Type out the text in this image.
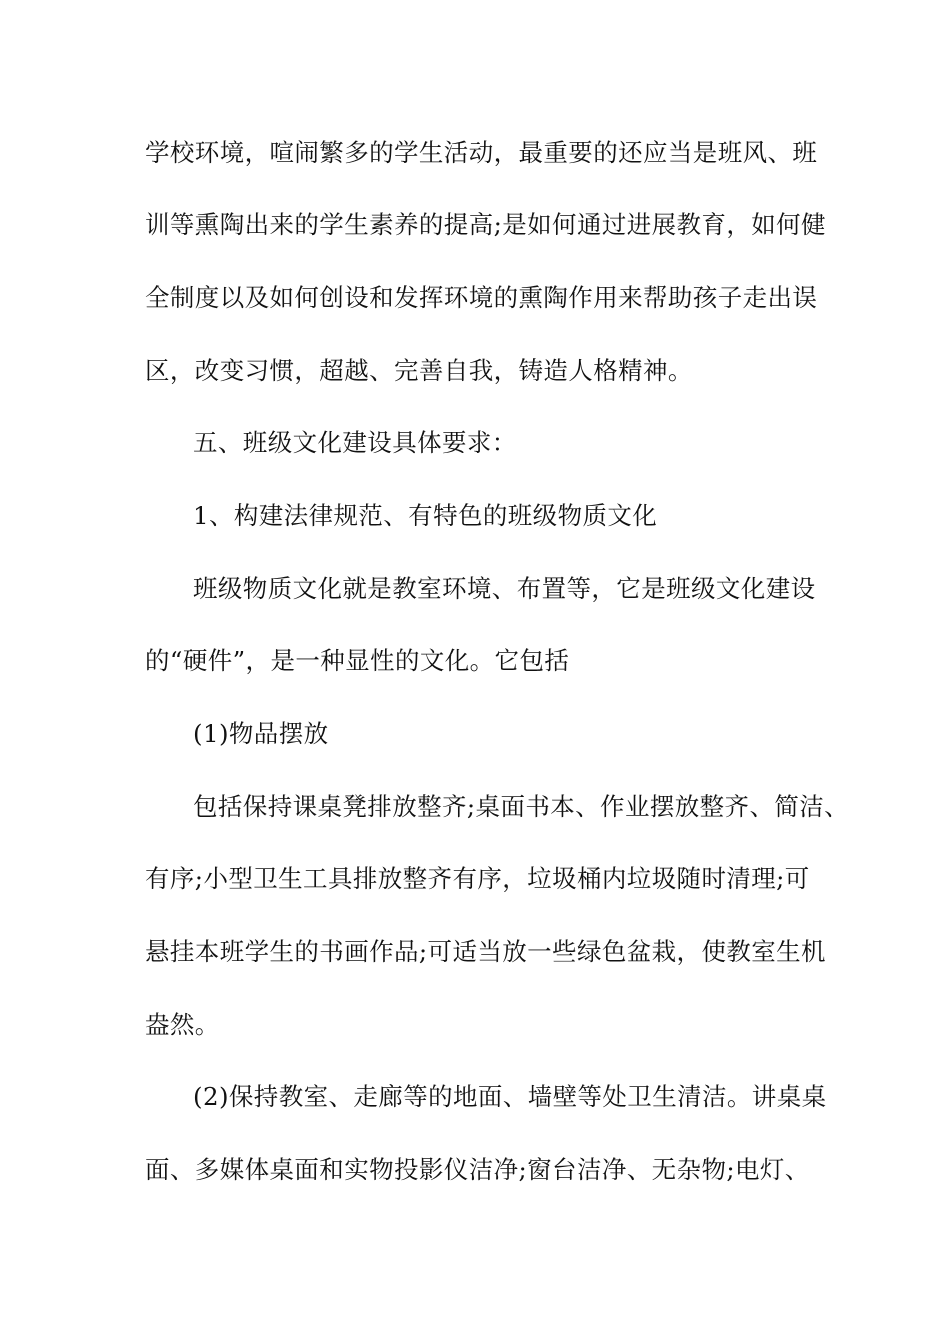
学校环境，喧闹繁多的学生活动，最重要的还应当是班风、班
训等熏陶出来的学生素养的提高;是如何通过进展教育，如何健
全制度以及如何创设和发挥环境的熏陶作用来帮助孩子走出误
区，改变习惯，超越、完善自我，铸造人格精神。
五、班级文化建设具体要求：
1、构建法律规范、有特色的班级物质文化
班级物质文化就是教室环境、布置等，它是班级文化建设
的“硬件”，是一种显性的文化。它包括
(1)物品摆放
包括保持课桌凳排放整齐;桌面书本、作业摆放整齐、简洁、
有序;小型卫生工具排放整齐有序，垃圾桶内垃圾随时清理;可
悬挂本班学生的书画作品;可适当放一些绿色盆栽，使教室生机
盎然。
(2)保持教室、走廊等的地面、墙壁等处卫生清洁。讲桌桌
面、多媒体桌面和实物投影仪洁净;窗台洁净、无杂物;电灯、
